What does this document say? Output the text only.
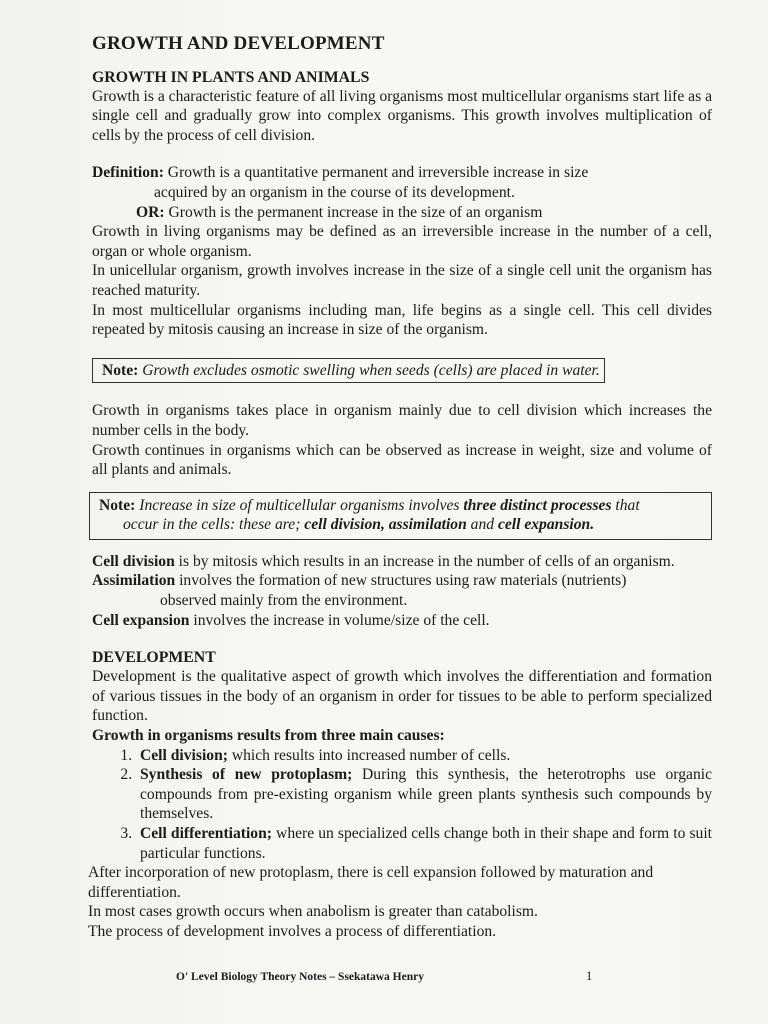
GROWTH AND DEVELOPMENT
GROWTH IN PLANTS AND ANIMALS

Growth is a characteristic feature of all living organisms most multicellular organisms start life as a single cell and gradually grow into complex organisms. This growth involves multiplication of cells by the process of cell division.

Definition: Growth is a quantitative permanent and irreversible increase in size

acquired by an organism in the course of its development.

OR: Growth is the permanent increase in the size of an organism

Growth in living organisms may be defined as an irreversible increase in the number of a cell, organ or whole organism.

In unicellular organism, growth involves increase in the size of a single cell unit the organism has reached maturity.

In most multicellular organisms including man, life begins as a single cell. This cell divides repeated by mitosis causing an increase in size of the organism.

Note: Growth excludes osmotic swelling when seeds (cells) are placed in water.

Growth in organisms takes place in organism mainly due to cell division which increases the number cells in the body.

Growth continues in organisms which can be observed as increase in weight, size and volume of all plants and animals.

Note: Increase in size of multicellular organisms involves three distinct processes that
occur in the cells: these are; cell division, assimilation and cell expansion.

Cell division is by mitosis which results in an increase in the number of cells of an organism.

Assimilation involves the formation of new structures using raw materials (nutrients)

observed mainly from the environment.

Cell expansion involves the increase in volume/size of the cell.

DEVELOPMENT

Development is the qualitative aspect of growth which involves the differentiation and formation of various tissues in the body of an organism in order for tissues to be able to perform specialized function.

Growth in organisms results from three main causes:

1. Cell division; which results into increased number of cells.
2. Synthesis of new protoplasm; During this synthesis, the heterotrophs use organic compounds from pre-existing organism while green plants synthesis such compounds by themselves.
3. Cell differentiation; where un specialized cells change both in their shape and form to suit particular functions.

After incorporation of new protoplasm, there is cell expansion followed by maturation and differentiation.

In most cases growth occurs when anabolism is greater than catabolism.

The process of development involves a process of differentiation.

O' Level Biology Theory Notes – Ssekatawa Henry	1
